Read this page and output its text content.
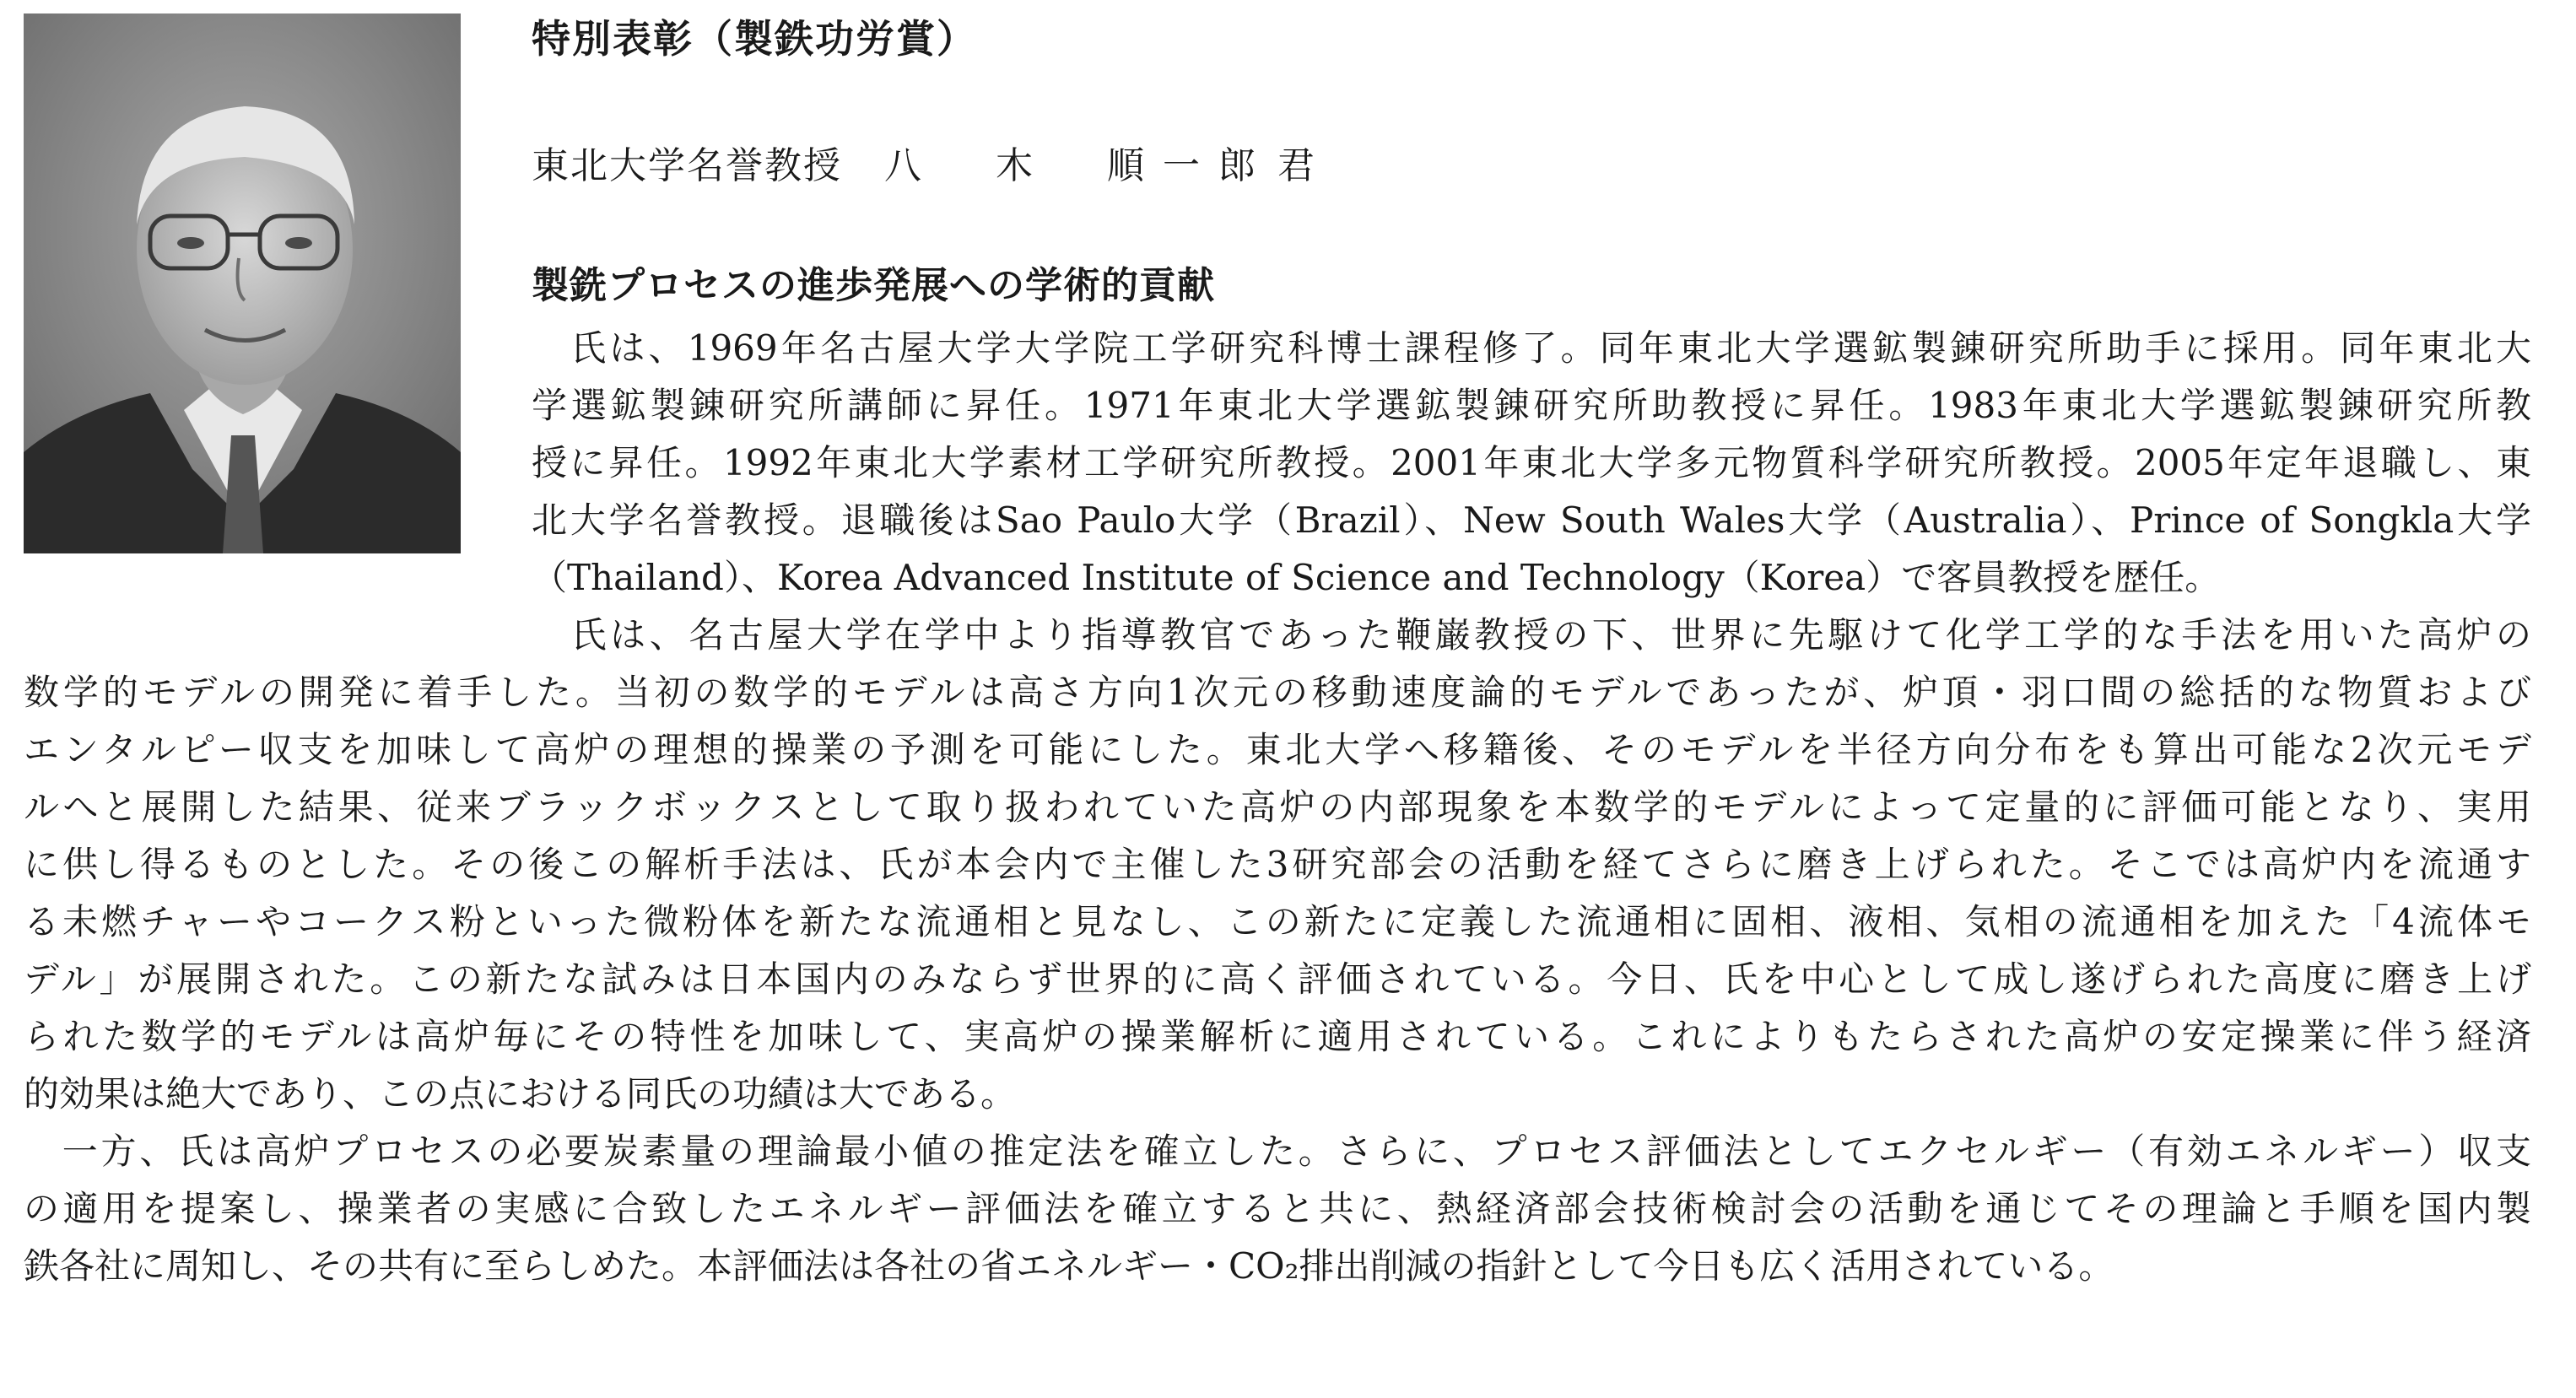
特別表彰（製鉄功労賞）
東北大学名誉教授 八　木　順一郎君
製銑プロセスの進歩発展への学術的貢献
　氏は、1969年名古屋大学大学院工学研究科博士課程修了。同年東北大学選鉱製錬研究所助手に採用。同年東北大
学選鉱製錬研究所講師に昇任。1971年東北大学選鉱製錬研究所助教授に昇任。1983年東北大学選鉱製錬研究所教
授に昇任。1992年東北大学素材工学研究所教授。2001年東北大学多元物質科学研究所教授。2005年定年退職し、東
北大学名誉教授。退職後はSao Paulo大学（Brazil）、New South Wales大学（Australia）、Prince of Songkla大学
（Thailand）、Korea Advanced Institute of Science and Technology（Korea）で客員教授を歴任。
　氏は、名古屋大学在学中より指導教官であった鞭巌教授の下、世界に先駆けて化学工学的な手法を用いた高炉の
数学的モデルの開発に着手した。当初の数学的モデルは高さ方向1次元の移動速度論的モデルであったが、炉頂・羽口間の総括的な物質および
エンタルピー収支を加味して高炉の理想的操業の予測を可能にした。東北大学へ移籍後、そのモデルを半径方向分布をも算出可能な2次元モデ
ルへと展開した結果、従来ブラックボックスとして取り扱われていた高炉の内部現象を本数学的モデルによって定量的に評価可能となり、実用
に供し得るものとした。その後この解析手法は、氏が本会内で主催した3研究部会の活動を経てさらに磨き上げられた。そこでは高炉内を流通す
る未燃チャーやコークス粉といった微粉体を新たな流通相と見なし、この新たに定義した流通相に固相、液相、気相の流通相を加えた「4流体モ
デル」が展開された。この新たな試みは日本国内のみならず世界的に高く評価されている。今日、氏を中心として成し遂げられた高度に磨き上げ
られた数学的モデルは高炉毎にその特性を加味して、実高炉の操業解析に適用されている。これによりもたらされた高炉の安定操業に伴う経済
的効果は絶大であり、この点における同氏の功績は大である。
　一方、氏は高炉プロセスの必要炭素量の理論最小値の推定法を確立した。さらに、プロセス評価法としてエクセルギー（有効エネルギー）収支
の適用を提案し、操業者の実感に合致したエネルギー評価法を確立すると共に、熱経済部会技術検討会の活動を通じてその理論と手順を国内製
鉄各社に周知し、その共有に至らしめた。本評価法は各社の省エネルギー・CO₂排出削減の指針として今日も広く活用されている。
